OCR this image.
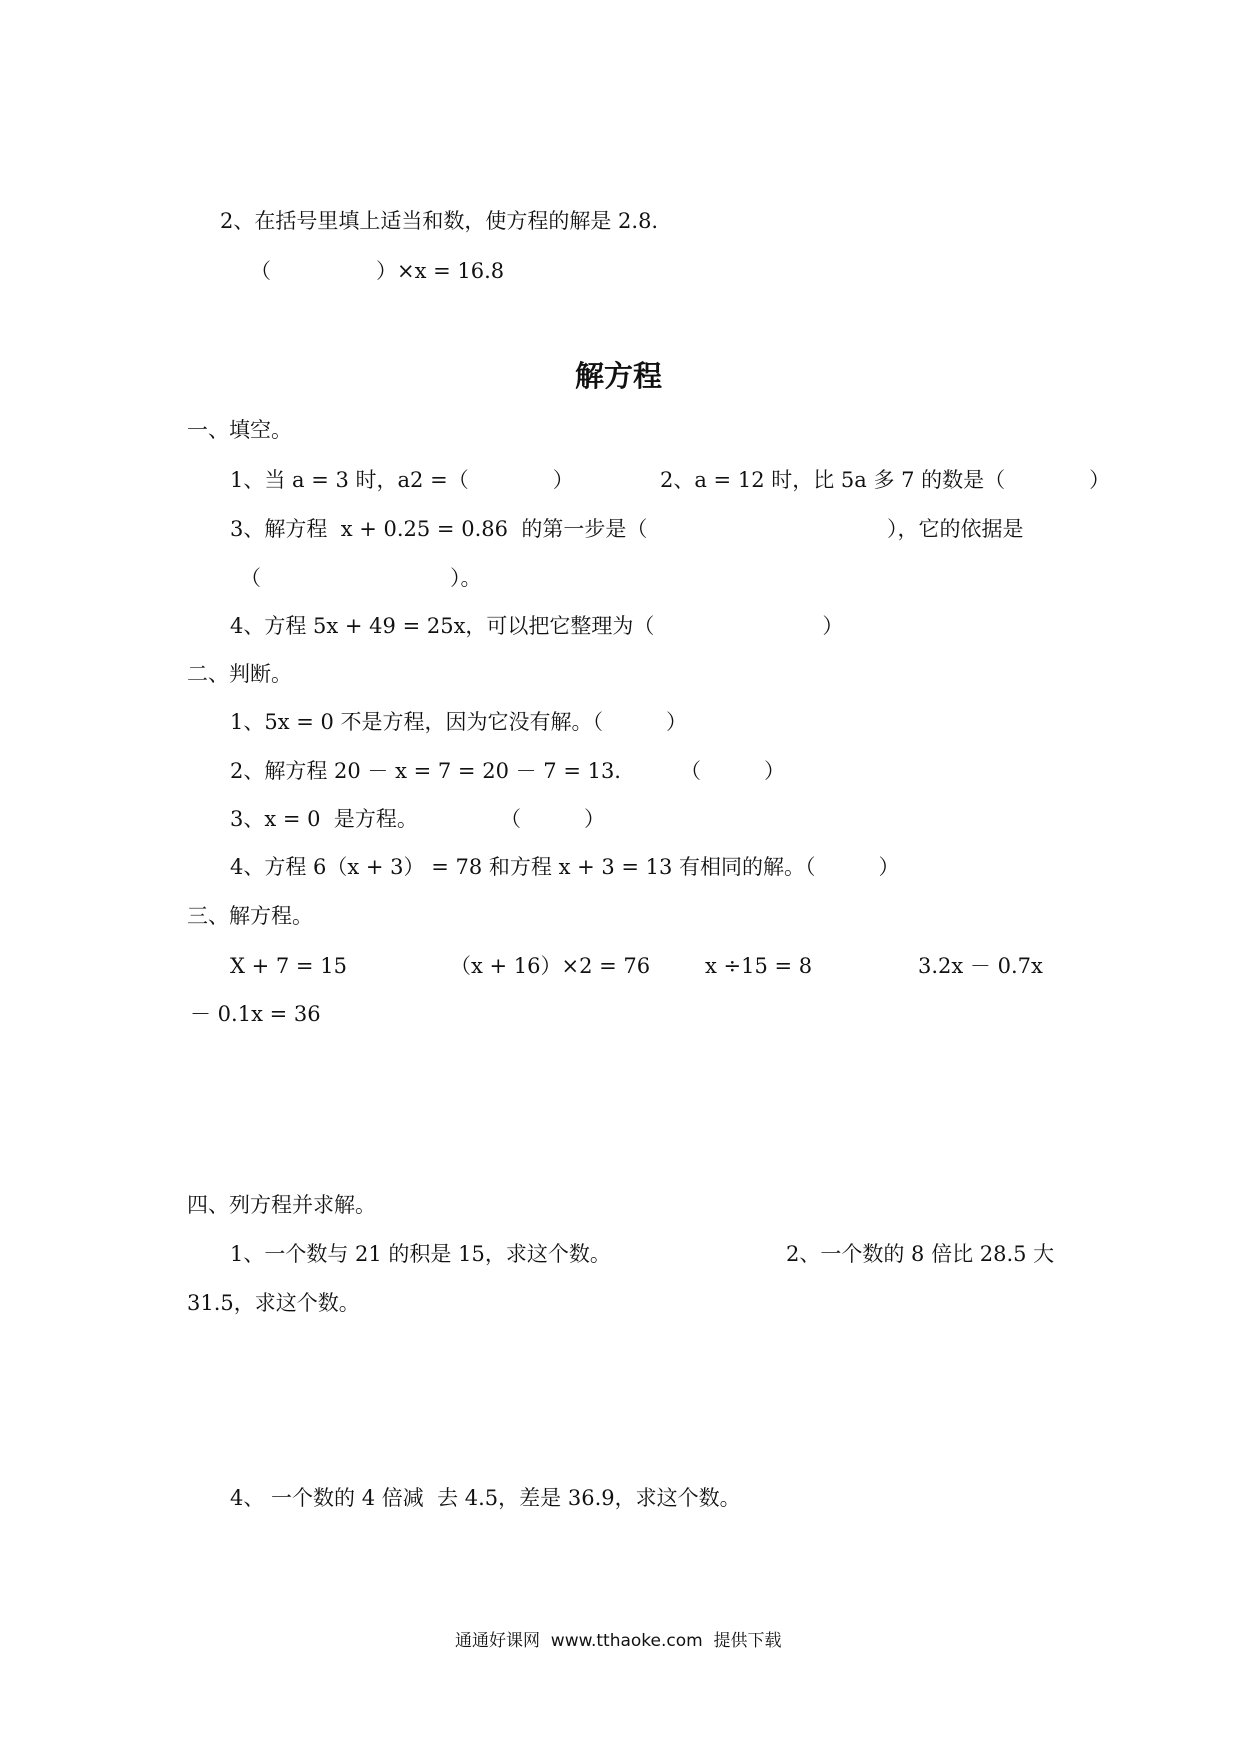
2、在括号里填上适当和数，使方程的解是 2.8.
（　　　　　）×x = 16.8
解方程
一、填空。
1、当 a = 3 时，a2 =（　　　　）	2、a = 12 时，比 5a 多 7 的数是（　　　　）
3、解方程  x + 0.25 = 0.86  的第一步是（	），它的依据是
（　　　　　　　　　）。
4、方程 5x + 49 = 25x，可以把它整理为（　　　　　　　　）
二、判断。
1、5x = 0 不是方程，因为它没有解。（　　　）
2、解方程 20 － x = 7 = 20 － 7 = 13.	（　　　）
3、x = 0  是方程。	（　　　）
4、方程 6（x + 3） = 78 和方程 x + 3 = 13 有相同的解。（　　　）
三、解方程。
X + 7 = 15	（x + 16）×2 = 76	x ÷15 = 8	3.2x － 0.7x
－ 0.1x = 36
四、列方程并求解。
1、一个数与 21 的积是 15，求这个数。	2、一个数的 8 倍比 28.5 大
31.5，求这个数。
4、 一个数的 4 倍减  去 4.5，差是 36.9，求这个数。
通通好课网  www.tthaoke.com  提供下载
